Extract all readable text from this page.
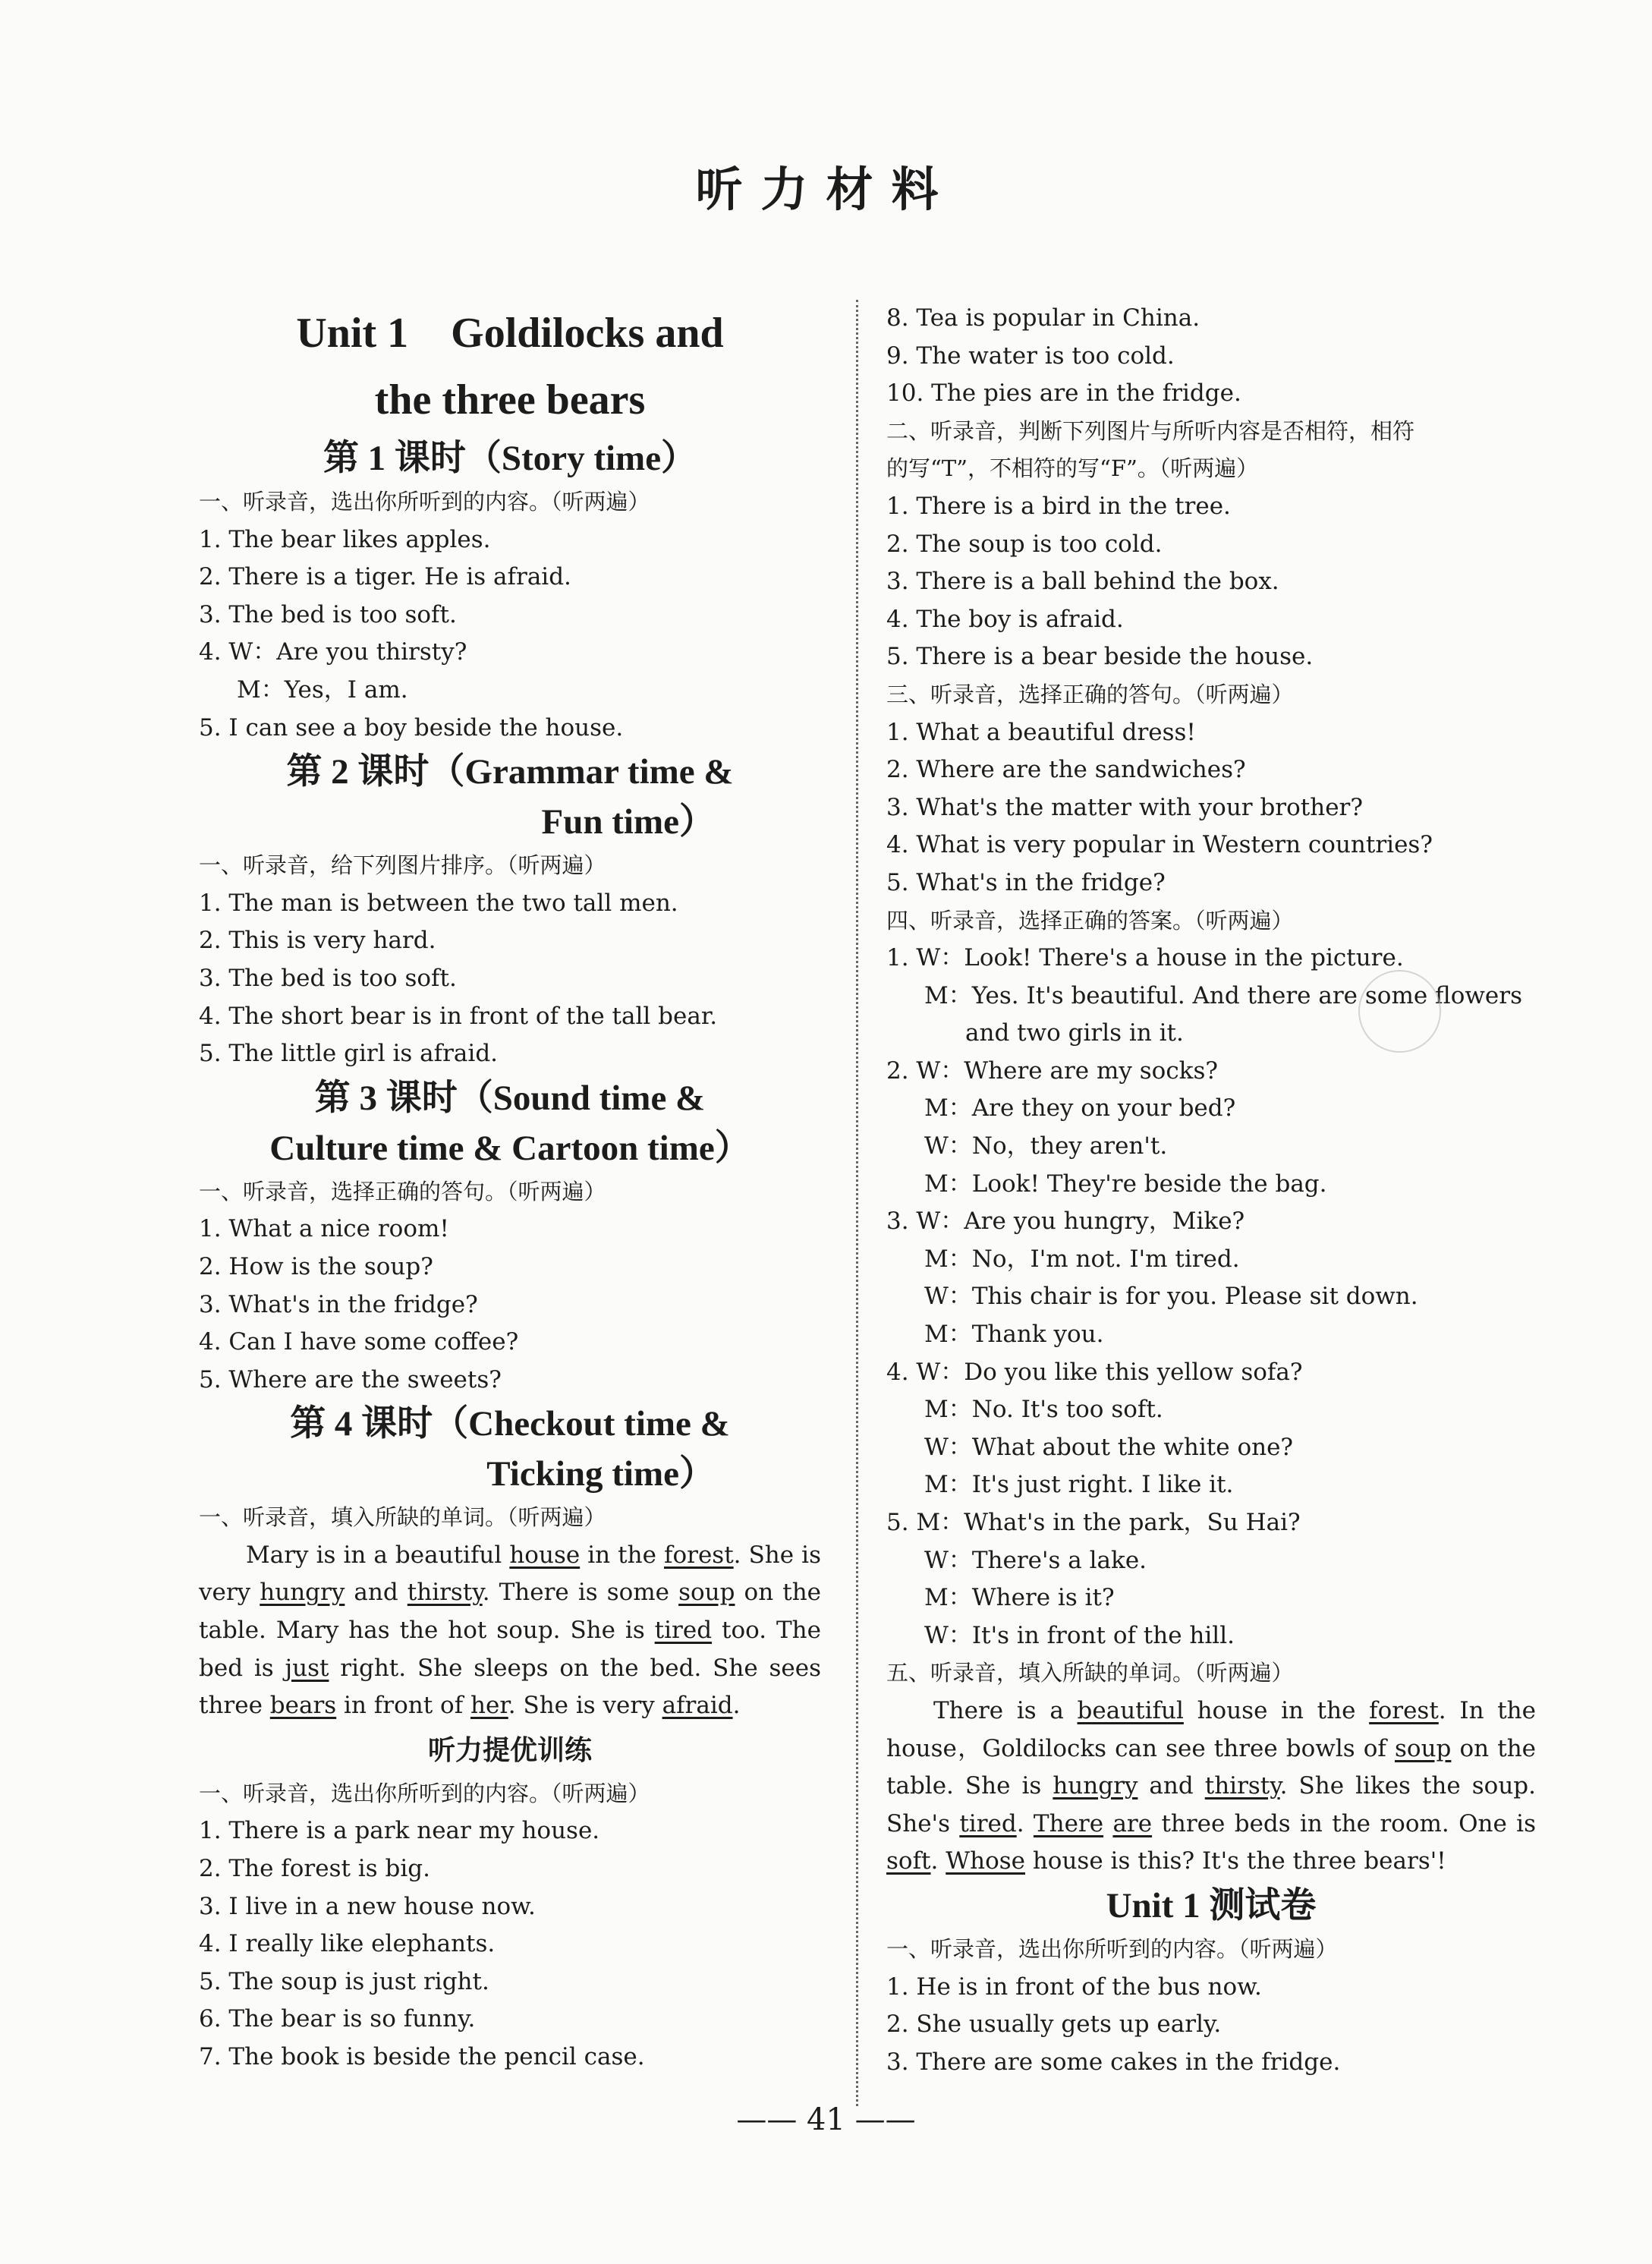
听力材料
Unit 1    Goldilocks and
the three bears
第 1 课时（Story time）
一、听录音，选出你所听到的内容。（听两遍）
1. The bear likes apples.
2. There is a tiger. He is afraid.
3. The bed is too soft.
4. W：Are you thirsty?
M：Yes，I am.
5. I can see a boy beside the house.
第 2 课时（Grammar time &
Fun time）
一、听录音，给下列图片排序。（听两遍）
1. The man is between the two tall men.
2. This is very hard.
3. The bed is too soft.
4. The short bear is in front of the tall bear.
5. The little girl is afraid.
第 3 课时（Sound time &
Culture time & Cartoon time）
一、听录音，选择正确的答句。（听两遍）
1. What a nice room!
2. How is the soup?
3. What's in the fridge?
4. Can I have some coffee?
5. Where are the sweets?
第 4 课时（Checkout time &
Ticking time）
一、听录音，填入所缺的单词。（听两遍）
Mary is in a beautiful house in the forest. She is very hungry and thirsty. There is some soup on the table. Mary has the hot soup. She is tired too. The bed is just right. She sleeps on the bed. She sees three bears in front of her. She is very afraid.
听力提优训练
一、听录音，选出你所听到的内容。（听两遍）
1. There is a park near my house.
2. The forest is big.
3. I live in a new house now.
4. I really like elephants.
5. The soup is just right.
6. The bear is so funny.
7. The book is beside the pencil case.
8. Tea is popular in China.
9. The water is too cold.
10. The pies are in the fridge.
二、听录音，判断下列图片与所听内容是否相符，相符
的写“T”，不相符的写“F”。（听两遍）
1. There is a bird in the tree.
2. The soup is too cold.
3. There is a ball behind the box.
4. The boy is afraid.
5. There is a bear beside the house.
三、听录音，选择正确的答句。（听两遍）
1. What a beautiful dress!
2. Where are the sandwiches?
3. What's the matter with your brother?
4. What is very popular in Western countries?
5. What's in the fridge?
四、听录音，选择正确的答案。（听两遍）
1. W：Look! There's a house in the picture.
M：Yes. It's beautiful. And there are some flowers
and two girls in it.
2. W：Where are my socks?
M：Are they on your bed?
W：No，they aren't.
M：Look! They're beside the bag.
3. W：Are you hungry，Mike?
M：No，I'm not. I'm tired.
W：This chair is for you. Please sit down.
M：Thank you.
4. W：Do you like this yellow sofa?
M：No. It's too soft.
W：What about the white one?
M：It's just right. I like it.
5. M：What's in the park，Su Hai?
W：There's a lake.
M：Where is it?
W：It's in front of the hill.
五、听录音，填入所缺的单词。（听两遍）
There is a beautiful house in the forest. In the house，Goldilocks can see three bowls of soup on the table. She is hungry and thirsty. She likes the soup. She's tired. There are three beds in the room. One is soft. Whose house is this? It's the three bears'!
Unit 1 测试卷
一、听录音，选出你所听到的内容。（听两遍）
1. He is in front of the bus now.
2. She usually gets up early.
3. There are some cakes in the fridge.
—— 41 ——
